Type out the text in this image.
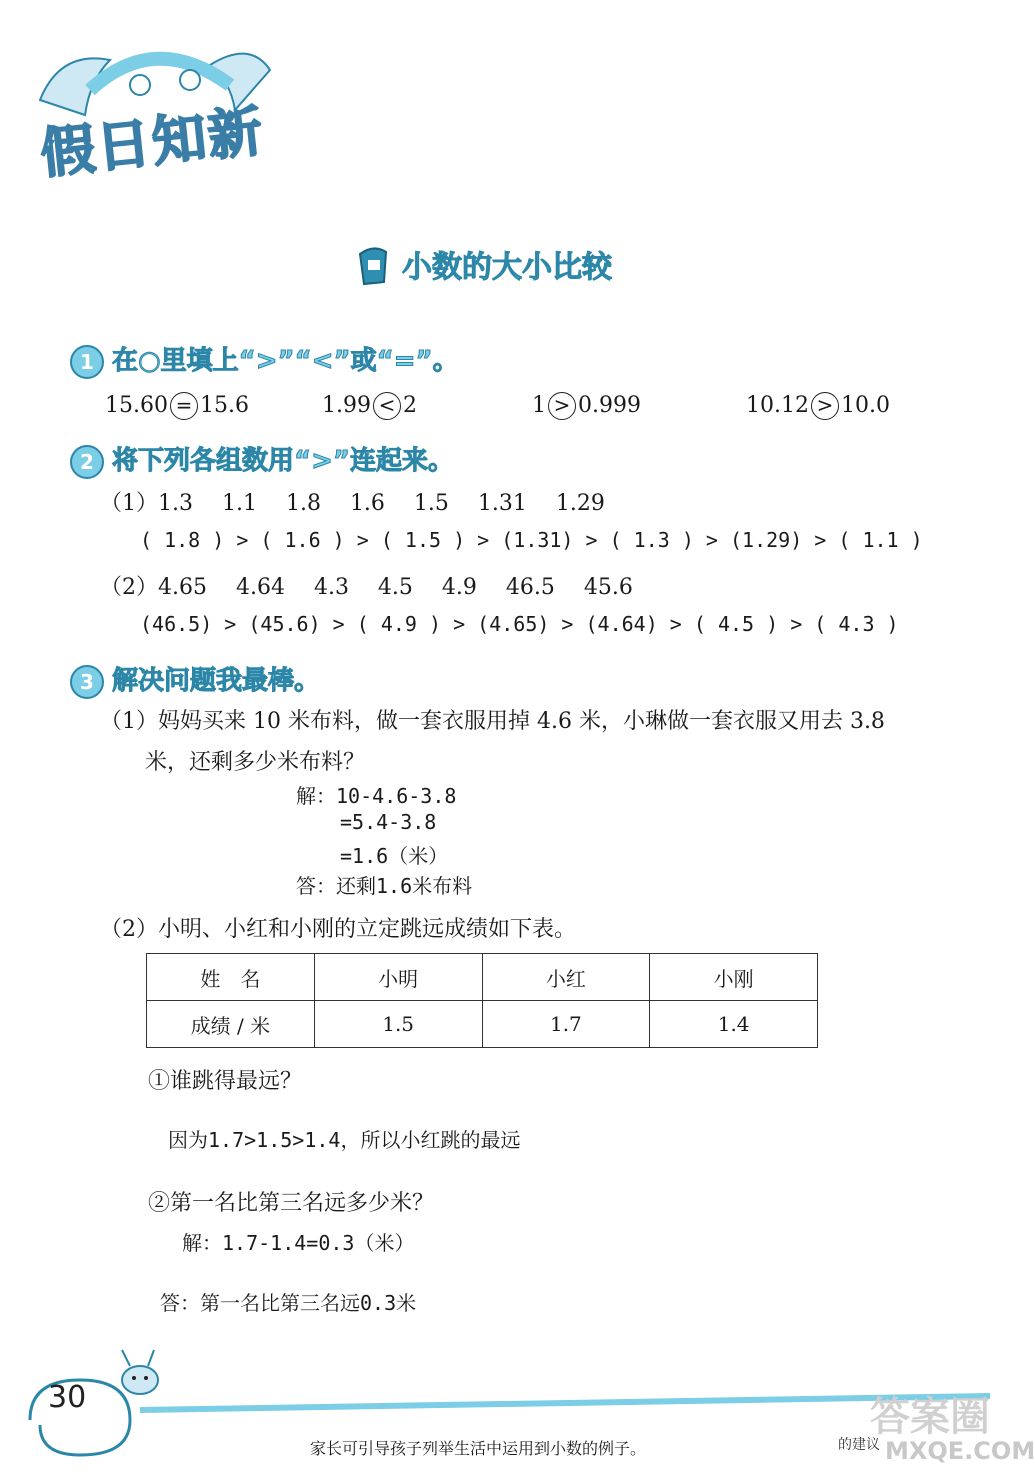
假日知新
小数的大小比较
1 在○里填上“>”“<”或“=”。
15.60 = 15.6	1.99 < 2	1 > 0.999	10.12 > 10.0
2 将下列各组数用“>”连起来。
（1）1.3　 1.1　 1.8　 1.6　 1.5　 1.31　 1.29
( 1.8 ) > ( 1.6 ) > ( 1.5 ) > (1.31) > ( 1.3 ) > (1.29) > ( 1.1 )
（2）4.65　 4.64　 4.3　 4.5　 4.9　 46.5　 45.6
(46.5) > (45.6) > ( 4.9 ) > (4.65) > (4.64) > ( 4.5 ) > ( 4.3 )
3 解决问题我最棒。
（1）妈妈买来 10 米布料，做一套衣服用掉 4.6 米，小琳做一套衣服又用去 3.8
米，还剩多少米布料？
解：10-4.6-3.8
=5.4-3.8
=1.6（米）
答：还剩1.6米布料
（2）小明、小红和小刚的立定跳远成绩如下表。
姓　名	小明	小红	小刚
成绩 / 米	1.5	1.7	1.4
①谁跳得最远？
因为1.7>1.5>1.4，所以小红跳的最远
②第一名比第三名远多少米？
解：1.7-1.4=0.3（米）
答：第一名比第三名远0.3米
30
家长可引导孩子列举生活中运用到小数的例子。	的建议
答案圈
MXQE.COM
